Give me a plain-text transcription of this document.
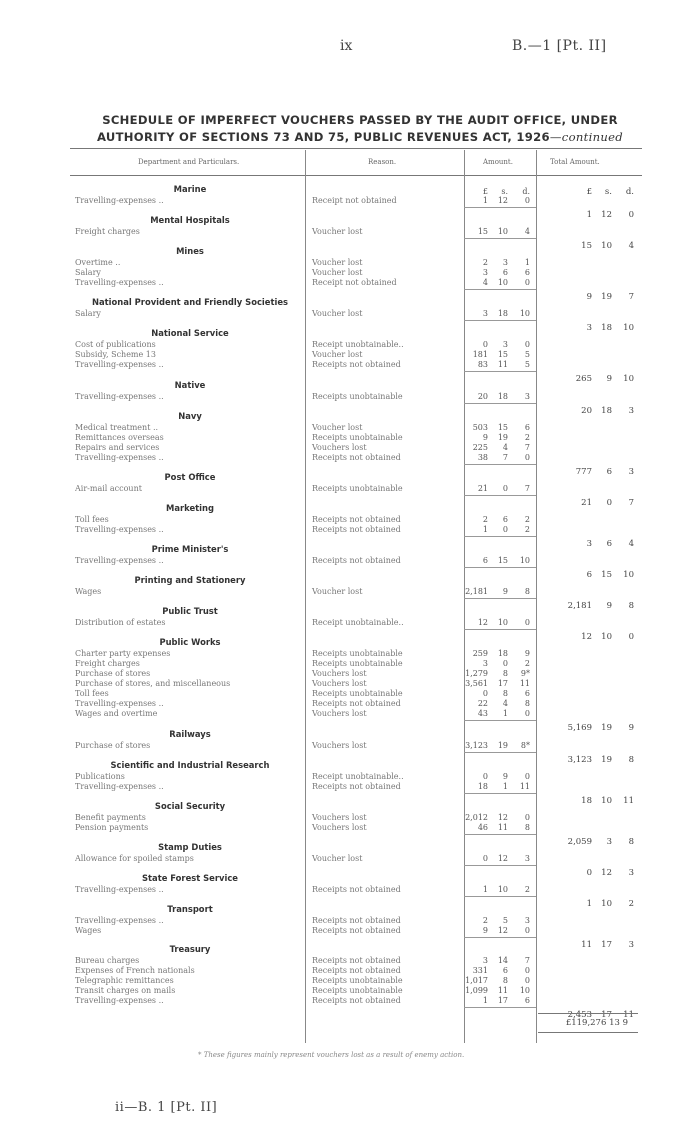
ix	B.—1 [Pt. II]
SCHEDULE OF IMPERFECT VOUCHERS PASSED BY THE AUDIT OFFICE, UNDER
AUTHORITY OF SECTIONS 73 AND 75, PUBLIC REVENUES ACT, 1926—continued
Department and Particulars.	Reason.	Amount.	Total Amount.
£ s. d.	£ s. d.
Marine
Travelling-expenses ..	Receipt not obtained	1 12 0
1 12 0
Mental Hospitals
Freight charges	Voucher lost	15 10 4
15 10 4
Mines
Overtime ..	Voucher lost	2 3 1
Salary	Voucher lost	3 6 6
Travelling-expenses ..	Receipt not obtained	4 10 0
9 19 7
National Provident and Friendly Societies
Salary	Voucher lost	3 18 10
3 18 10
National Service
Cost of publications	Receipt unobtainable..	0 3 0
Subsidy, Scheme 13	Voucher lost	181 15 5
Travelling-expenses ..	Receipts not obtained	83 11 5
265 9 10
Native
Travelling-expenses ..	Receipts unobtainable	20 18 3
20 18 3
Navy
Medical treatment ..	Voucher lost	503 15 6
Remittances overseas	Receipts unobtainable	9 19 2
Repairs and services	Vouchers lost	225 4 7
Travelling-expenses ..	Receipts not obtained	38 7 0
777 6 3
Post Office
Air-mail account	Receipts unobtainable	21 0 7
21 0 7
Marketing
Toll fees	Receipts not obtained	2 6 2
Travelling-expenses ..	Receipts not obtained	1 0 2
3 6 4
Prime Minister's
Travelling-expenses ..	Receipts not obtained	6 15 10
6 15 10
Printing and Stationery
Wages	Voucher lost	2,181 9 8
2,181 9 8
Public Trust
Distribution of estates	Receipt unobtainable..	12 10 0
12 10 0
Public Works
Charter party expenses	Receipts unobtainable	259 18 9
Freight charges	Receipts unobtainable	3 0 2
Purchase of stores	Vouchers lost	1,279 8 9*
Purchase of stores, and miscellaneous	Vouchers lost	3,561 17 11
Toll fees	Receipts unobtainable	0 8 6
Travelling-expenses ..	Receipts not obtained	22 4 8
Wages and overtime	Vouchers lost	43 1 0
5,169 19 9
Railways
Purchase of stores	Vouchers lost	3,123 19 8*
3,123 19 8
Scientific and Industrial Research
Publications	Receipt unobtainable..	0 9 0
Travelling-expenses ..	Receipts not obtained	18 1 11
18 10 11
Social Security
Benefit payments	Vouchers lost	2,012 12 0
Pension payments	Vouchers lost	46 11 8
2,059 3 8
Stamp Duties
Allowance for spoiled stamps	Voucher lost	0 12 3
0 12 3
State Forest Service
Travelling-expenses ..	Receipts not obtained	1 10 2
1 10 2
Transport
Travelling-expenses ..	Receipts not obtained	2 5 3
Wages	Receipts not obtained	9 12 0
11 17 3
Treasury
Bureau charges	Receipts not obtained	3 14 7
Expenses of French nationals	Receipts not obtained	331 6 0
Telegraphic remittances	Receipts unobtainable	1,017 8 0
Transit charges on mails	Receipts unobtainable	1,099 11 10
Travelling-expenses ..	Receipts not obtained	1 17 6
2,453 17 11
£119,276 13 9
* These figures mainly represent vouchers lost as a result of enemy action.
ii—B. 1 [Pt. II]
